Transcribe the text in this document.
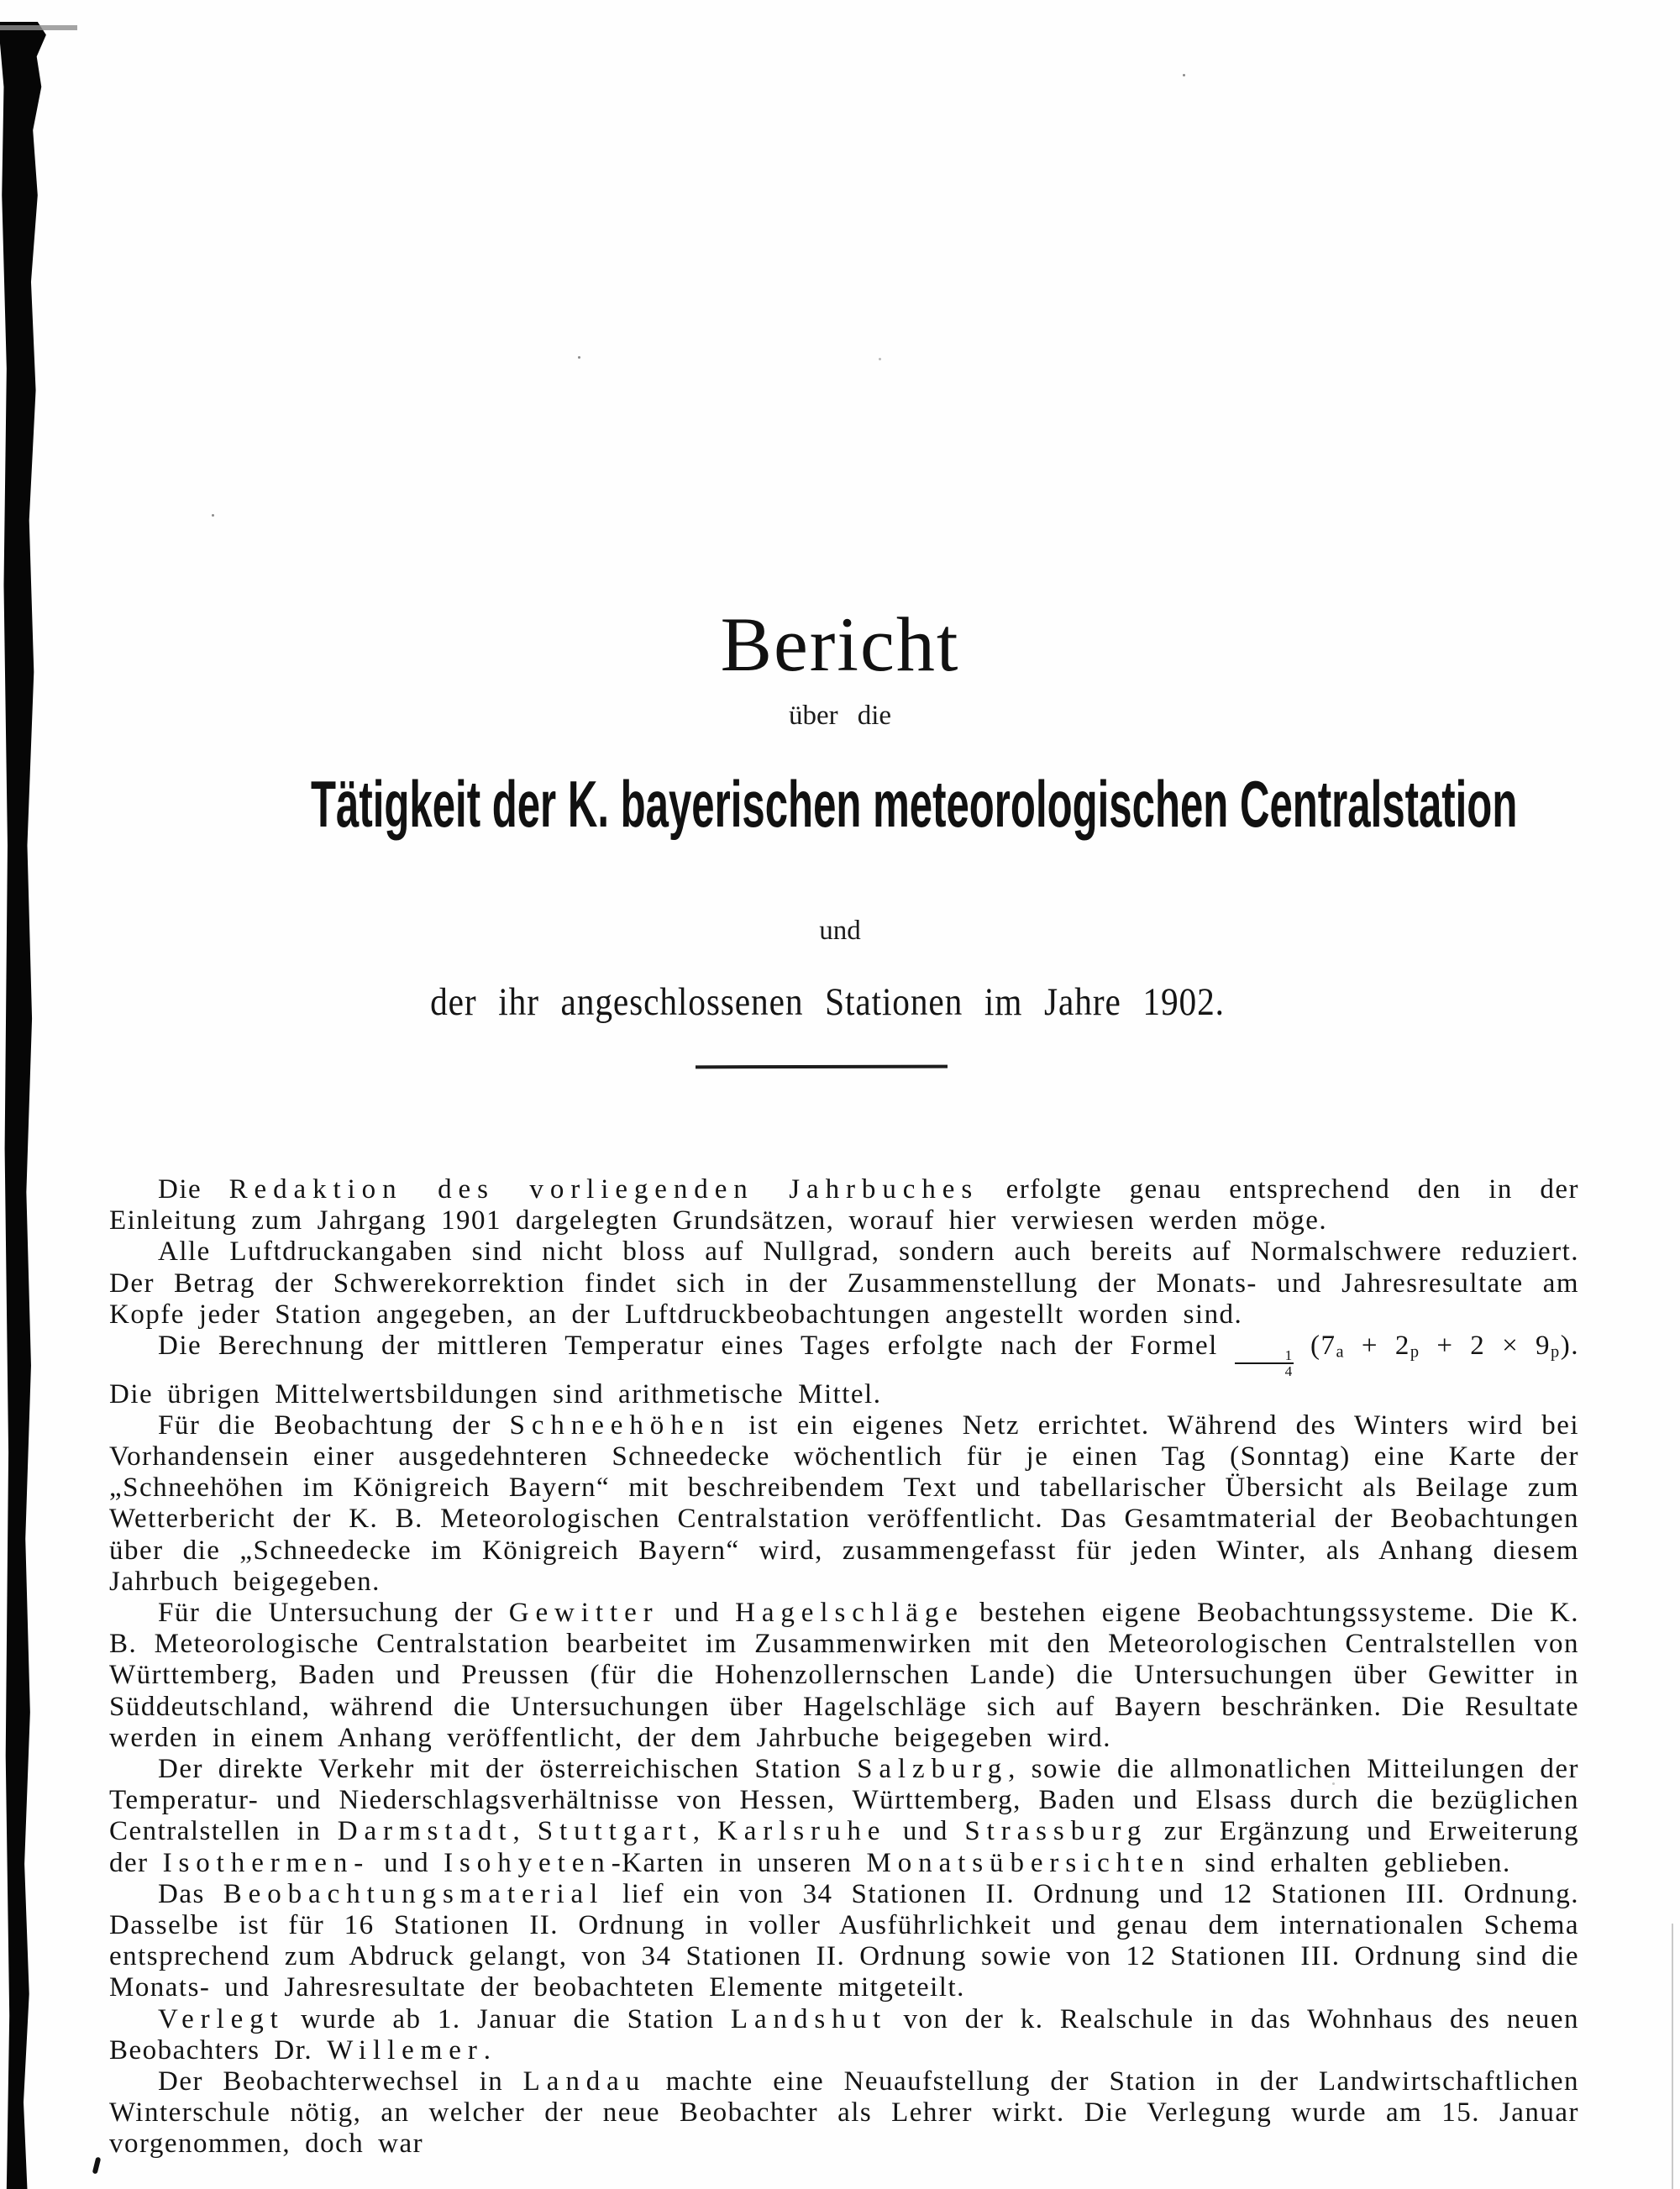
Bericht
über die
Tätigkeit der K. bayerischen meteorologischen Centralstation
und
der ihr angeschlossenen Stationen im Jahre 1902.

Die Redaktion des vorliegenden Jahrbuches erfolgte genau entsprechend den in der Einleitung zum Jahrgang 1901 dargelegten Grundsätzen, worauf hier verwiesen werden möge.

Alle Luftdruckangaben sind nicht bloss auf Nullgrad, sondern auch bereits auf Normalschwere reduziert. Der Betrag der Schwerekorrektion findet sich in der Zusammenstellung der Monats- und Jahresresultate am Kopfe jeder Station angegeben, an der Luftdruckbeobachtungen angestellt worden sind.

Die Berechnung der mittleren Temperatur eines Tages erfolgte nach der Formel
$\frac{1}{4}$
$(7_a + 2_p + 2 \times 9_p)$. Die übrigen Mittelwertsbildungen sind arithmetische Mittel.

Für die Beobachtung der Schneehöhen ist ein eigenes Netz errichtet. Während des Winters wird bei Vorhandensein einer ausgedehnteren Schneedecke wöchentlich für je einen Tag (Sonntag) eine Karte der „Schneehöhen im Königreich Bayern“ mit beschreibendem Text und tabellarischer Übersicht als Beilage zum Wetterbericht der K. B. Meteorologischen Centralstation veröffentlicht. Das Gesamtmaterial der Beobachtungen über die „Schneedecke im Königreich Bayern“ wird, zusammengefasst für jeden Winter, als Anhang diesem Jahrbuch beigegeben.

Für die Untersuchung der Gewitter und Hagelschläge bestehen eigene Beobachtungssysteme. Die K. B. Meteorologische Centralstation bearbeitet im Zusammenwirken mit den Meteorologischen Centralstellen von Württemberg, Baden und Preussen (für die Hohenzollernschen Lande) die Untersuchungen über Gewitter in Süddeutschland, während die Untersuchungen über Hagelschläge sich auf Bayern beschränken. Die Resultate werden in einem Anhang veröffentlicht, der dem Jahrbuche beigegeben wird.

Der direkte Verkehr mit der österreichischen Station Salzburg, sowie die allmonatlichen Mitteilungen der Temperatur- und Niederschlagsverhältnisse von Hessen, Württemberg, Baden und Elsass durch die bezüglichen Centralstellen in Darmstadt, Stuttgart, Karlsruhe und Strassburg zur Ergänzung und Erweiterung der Isothermen- und Isohyeten-Karten in unseren Monatsübersichten sind erhalten geblieben.

Das Beobachtungsmaterial lief ein von 34 Stationen II. Ordnung und 12 Stationen III. Ordnung. Dasselbe ist für 16 Stationen II. Ordnung in voller Ausführlichkeit und genau dem internationalen Schema entsprechend zum Abdruck gelangt, von 34 Stationen II. Ordnung sowie von 12 Stationen III. Ordnung sind die Monats- und Jahresresultate der beobachteten Elemente mitgeteilt.

Verlegt wurde ab 1. Januar die Station Landshut von der k. Realschule in das Wohnhaus des neuen Beobachters Dr. Willemer.

Der Beobachterwechsel in Landau machte eine Neuaufstellung der Station in der Landwirtschaftlichen Winterschule nötig, an welcher der neue Beobachter als Lehrer wirkt. Die Verlegung wurde am 15. Januar vorgenommen, doch war
